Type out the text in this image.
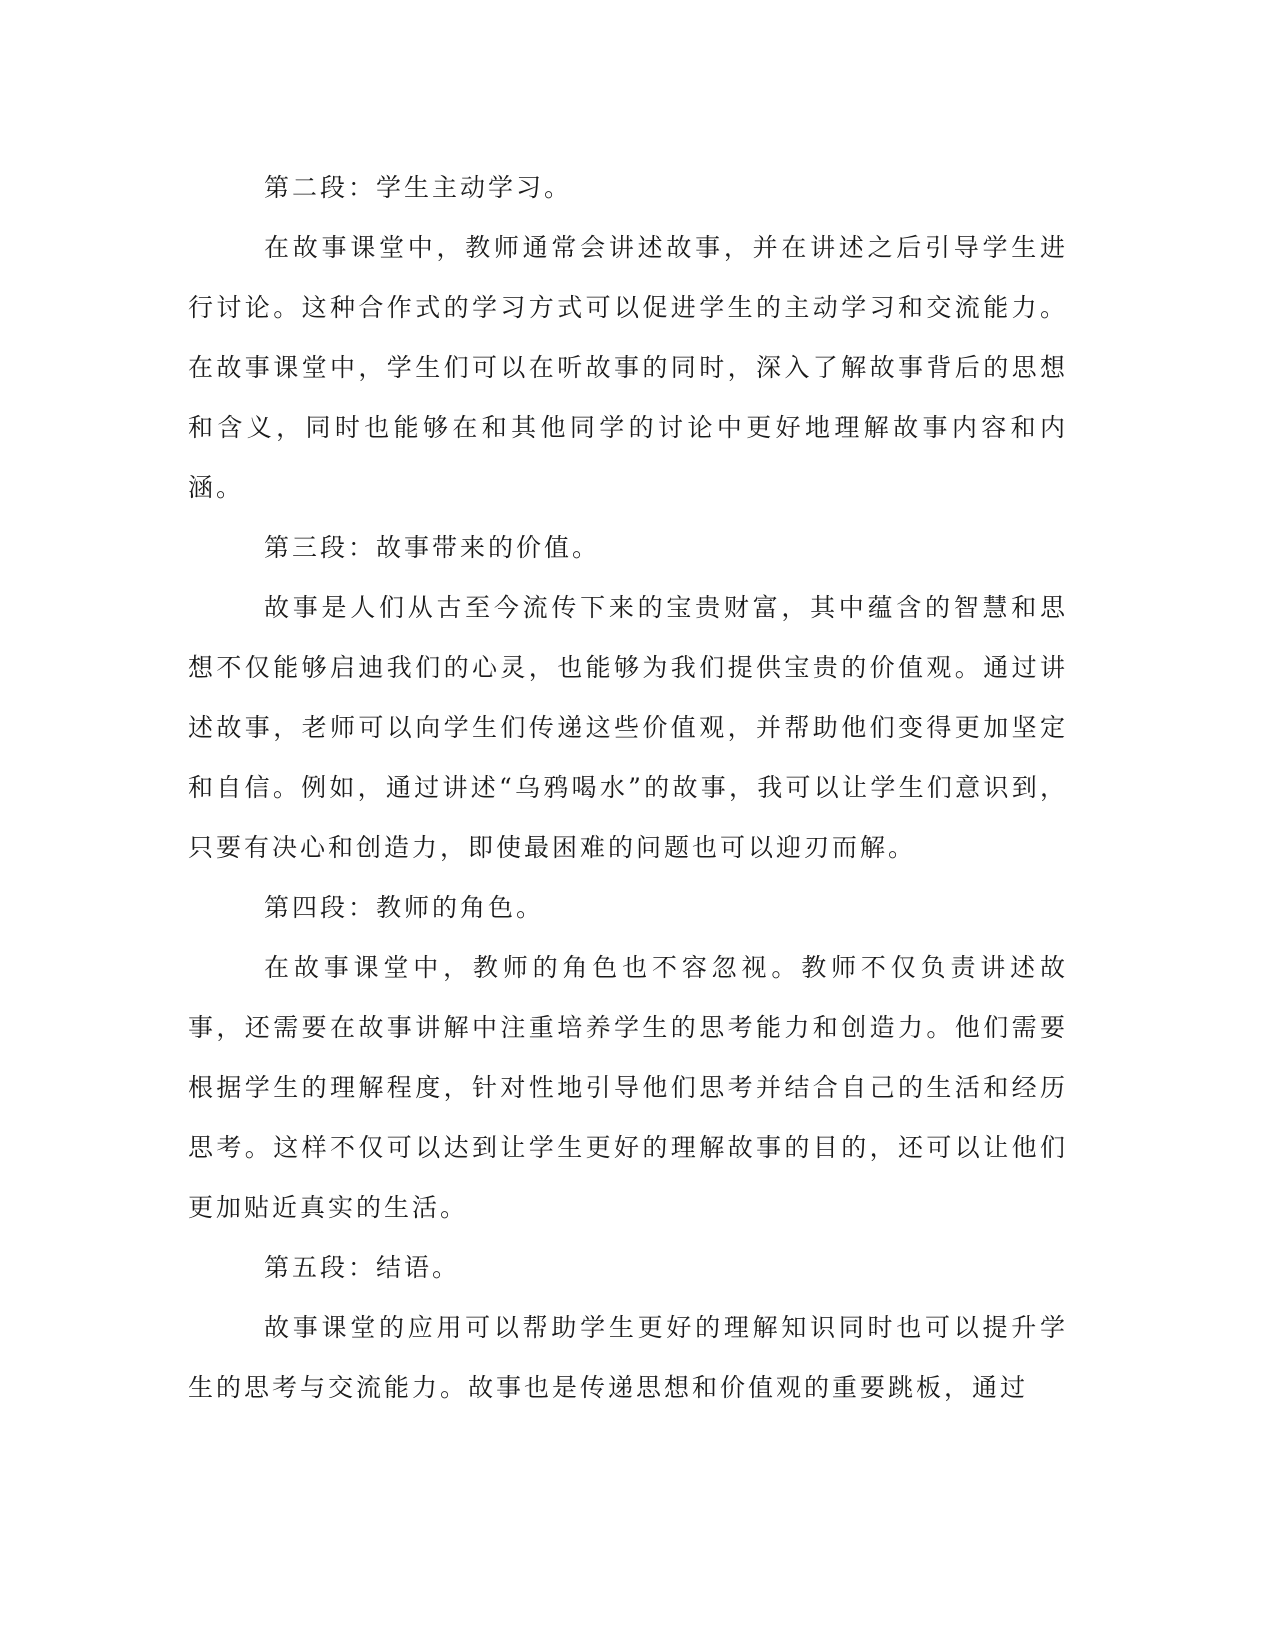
第二段：学生主动学习。

在故事课堂中，教师通常会讲述故事，并在讲述之后引导学生进行讨论。这种合作式的学习方式可以促进学生的主动学习和交流能力。在故事课堂中，学生们可以在听故事的同时，深入了解故事背后的思想和含义，同时也能够在和其他同学的讨论中更好地理解故事内容和内涵。

第三段：故事带来的价值。

故事是人们从古至今流传下来的宝贵财富，其中蕴含的智慧和思想不仅能够启迪我们的心灵，也能够为我们提供宝贵的价值观。通过讲述故事，老师可以向学生们传递这些价值观，并帮助他们变得更加坚定和自信。例如，通过讲述“乌鸦喝水”的故事，我可以让学生们意识到，只要有决心和创造力，即使最困难的问题也可以迎刃而解。

第四段：教师的角色。

在故事课堂中，教师的角色也不容忽视。教师不仅负责讲述故事，还需要在故事讲解中注重培养学生的思考能力和创造力。他们需要根据学生的理解程度，针对性地引导他们思考并结合自己的生活和经历思考。这样不仅可以达到让学生更好的理解故事的目的，还可以让他们更加贴近真实的生活。

第五段：结语。

故事课堂的应用可以帮助学生更好的理解知识同时也可以提升学生的思考与交流能力。故事也是传递思想和价值观的重要跳板，通过
